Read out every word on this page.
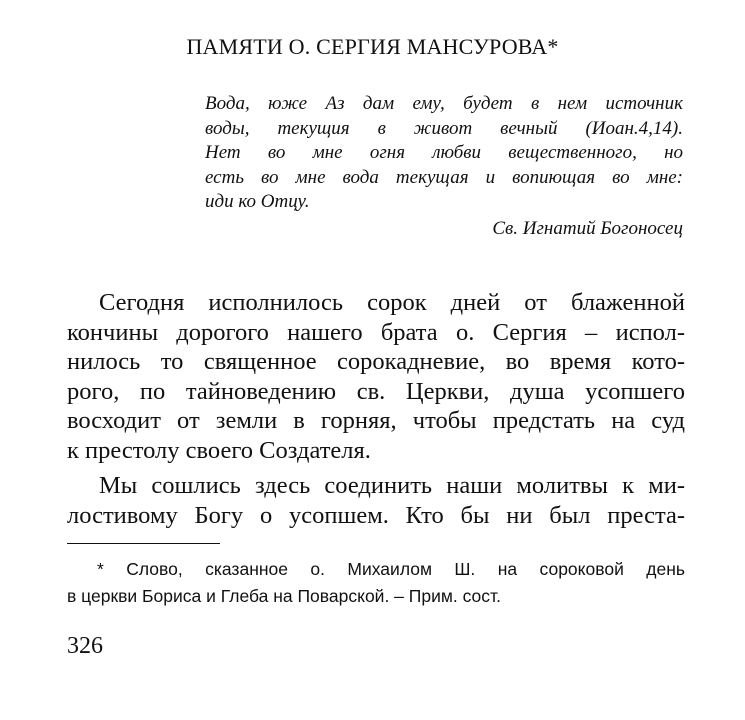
ПАМЯТИ О. СЕРГИЯ МАНСУРОВА*
Вода, юже Аз дам ему, будет в нем источник
воды, текущия в живот вечный (Иоан.4,14).
Нет во мне огня любви вещественного, но
есть во мне вода текущая и вопиющая во мне:
иди ко Отцу.
Св. Игнатий Богоносец
Сегодня исполнилось сорок дней от блаженной
кончины дорогого нашего брата о. Сергия – испол-
нилось то священное сорокадневие, во время кото-
рого, по тайноведению св. Церкви, душа усопшего
восходит от земли в горняя, чтобы предстать на суд
к престолу своего Создателя.
Мы сошлись здесь соединить наши молитвы к ми-
лостивому Богу о усопшем. Кто бы ни был преста-
* Слово, сказанное о. Михаилом Ш. на сороковой день
в церкви Бориса и Глеба на Поварской. – Прим. сост.
326
